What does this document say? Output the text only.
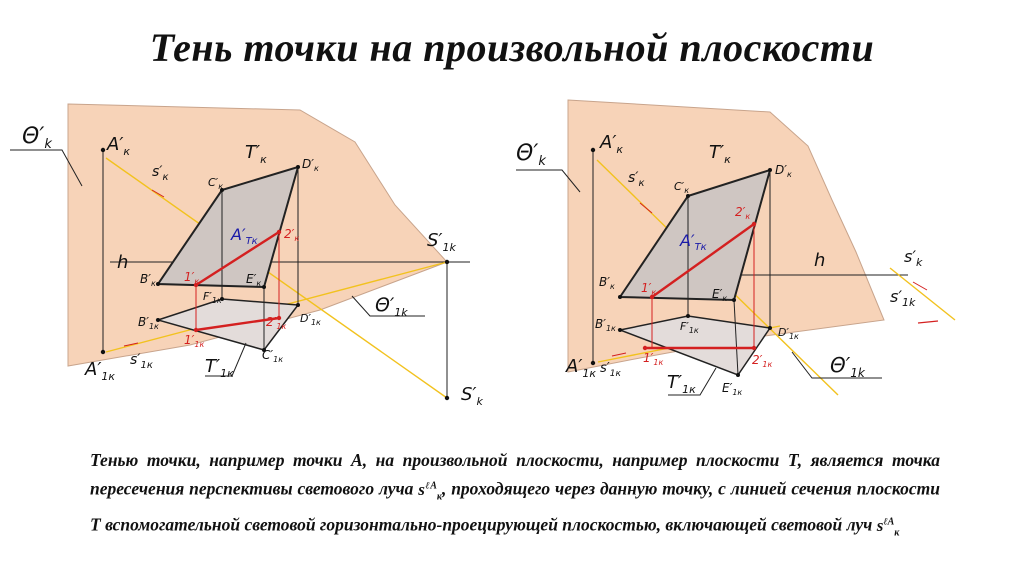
Тень точки на произвольной плоскости
$\Theta'_k$	$A'_к$
$s'_к$
$T'_к$
$C'_к$
$D'_к$
$A'_{Тк}$
$2'_к$
h
$S'_{1k}$
$B'_к$ $1'_к$	$E'_к$
$F'_{1к}$
$B'_{1к}$	$2'_{1к}$
$D'_{1к}$
$\Theta'_{1k}$
$1'_{1к}$
$T'_{1к}$
$C'_{1к}$
$A'_{1к}$
$s'_{1к}$
$S'_k$
$\Theta'_k$
$A'_к$	$T'_к$
$s'_к$	$C'_к$
$D'_к$
$2'_к$
$A'_{Тк}$
h	$s'_k$
$s'_{1k}$
$B'_к$ $1'_к$	$E'_к$
$F'_{1к}$
$B'_{1к}$	$D'_{1к}$
$A'_{1к}$ $s'_{1к}$
$1'_{1к}$	$2'_{1к}$
$T'_{1к}$ $E'_{1к}$
$\Theta'_{1k}$
Тенью точки, например точки А, на произвольной плоскости, например плоскости Т, является точка пересечения перспективы светового луча $s^{\ell A}_к$, проходящего через данную точку, с линией сечения плоскости Т вспомогательной световой горизонтально-проецирующей плоскостью, включающей световой луч $s^{\ell A}_к$
